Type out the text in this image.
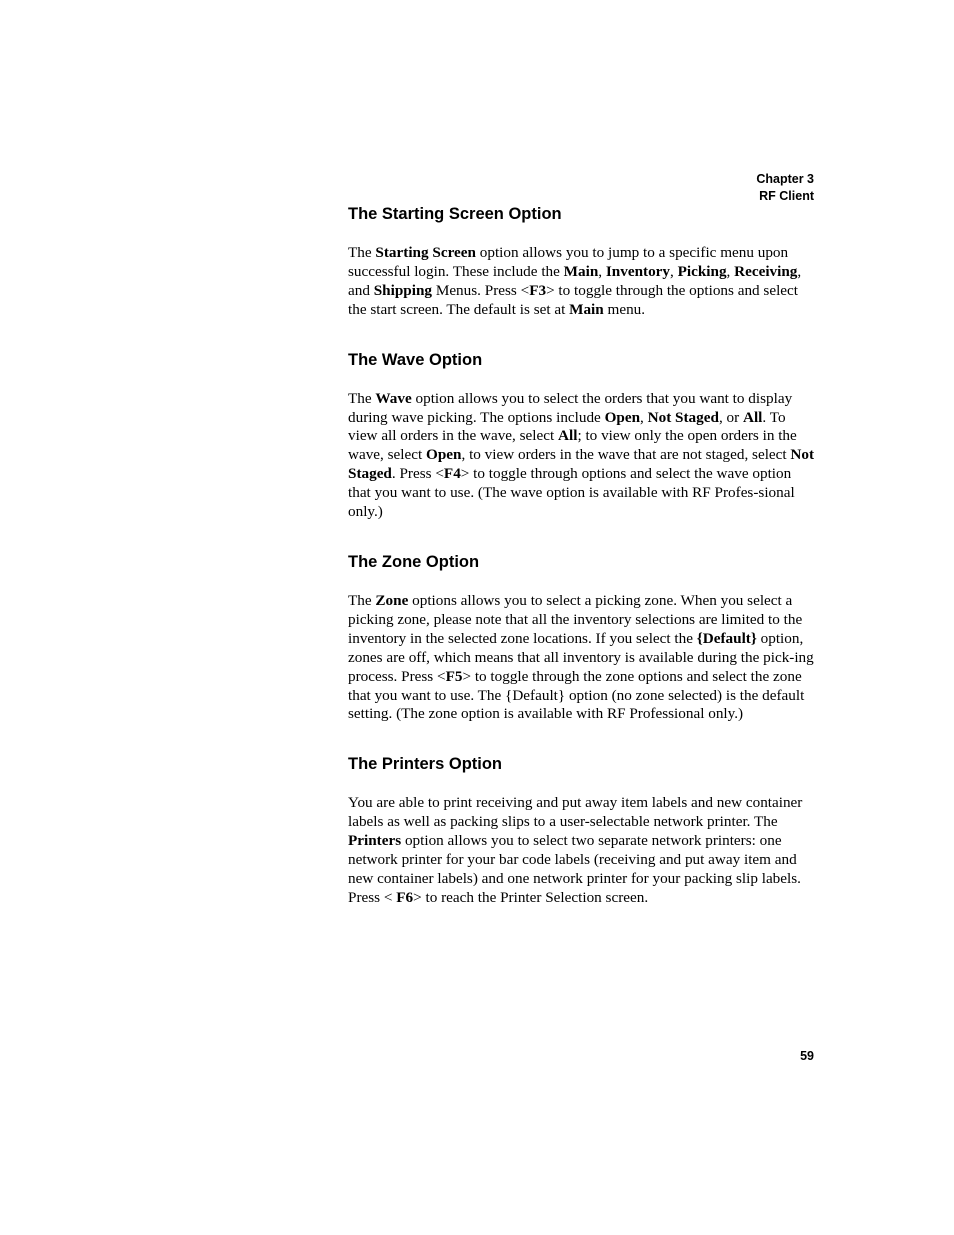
Chapter 3
RF Client
The Starting Screen Option

The Starting Screen option allows you to jump to a specific menu upon successful login. These include the Main, Inventory, Picking, Receiving, and Shipping Menus. Press <F3> to toggle through the options and select the start screen. The default is set at Main menu.

The Wave Option

The Wave option allows you to select the orders that you want to display during wave picking. The options include Open, Not Staged, or All. To view all orders in the wave, select All; to view only the open orders in the wave, select Open, to view orders in the wave that are not staged, select Not Staged. Press <F4> to toggle through options and select the wave option that you want to use. (The wave option is available with RF Profes-sional only.)

The Zone Option

The Zone options allows you to select a picking zone. When you select a picking zone, please note that all the inventory selections are limited to the inventory in the selected zone locations. If you select the {Default} option, zones are off, which means that all inventory is available during the pick-ing process. Press <F5> to toggle through the zone options and select the zone that you want to use. The {Default} option (no zone selected) is the default setting. (The zone option is available with RF Professional only.)

The Printers Option

You are able to print receiving and put away item labels and new container labels as well as packing slips to a user-selectable network printer. The Printers option allows you to select two separate network printers: one network printer for your bar code labels (receiving and put away item and new container labels) and one network printer for your packing slip labels. Press < F6> to reach the Printer Selection screen.

59
